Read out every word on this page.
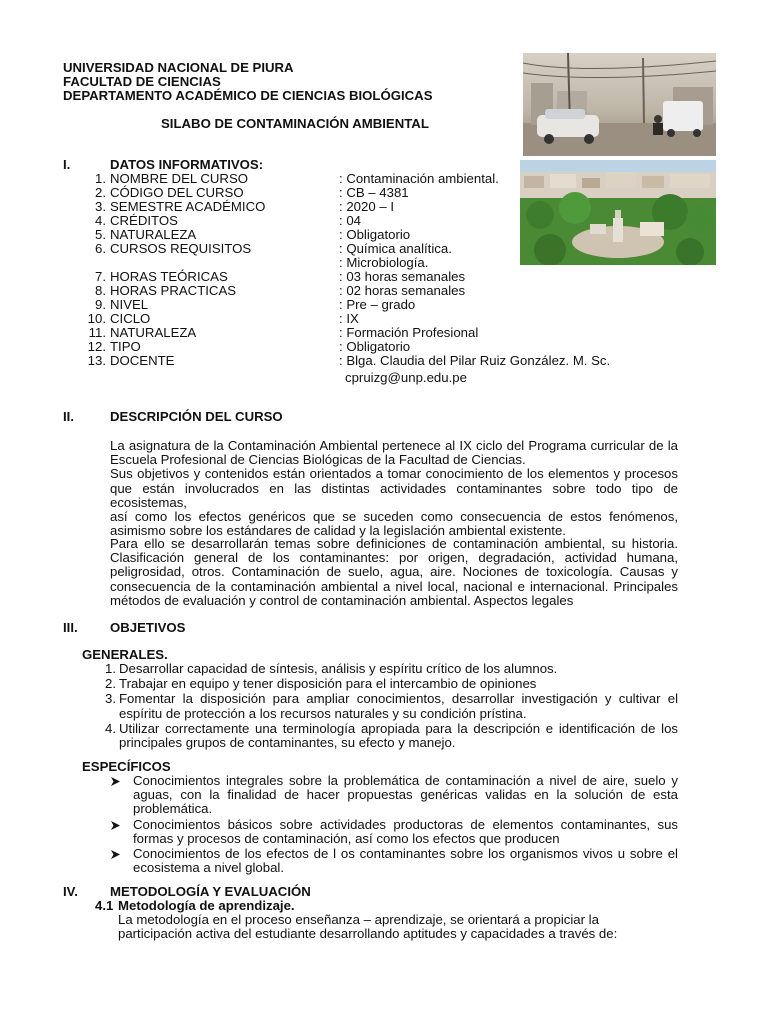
UNIVERSIDAD NACIONAL DE PIURA
FACULTAD DE CIENCIAS
DEPARTAMENTO ACADÉMICO DE CIENCIAS BIOLÓGICAS
SILABO DE CONTAMINACIÓN AMBIENTAL
I.	DATOS INFORMATIVOS:
1. NOMBRE DEL CURSO	: Contaminación ambiental.
2. CÓDIGO DEL CURSO	: CB – 4381
3. SEMESTRE ACADÉMICO	: 2020 – I
4. CRÉDITOS	: 04
5. NATURALEZA	: Obligatorio
6. CURSOS REQUISITOS	: Química analítica.
: Microbiología.
7. HORAS TEÓRICAS	: 03 horas semanales
8. HORAS PRACTICAS	: 02 horas semanales
9. NIVEL	: Pre – grado
10. CICLO	: IX
11. NATURALEZA	: Formación Profesional
12. TIPO	: Obligatorio
13. DOCENTE	: Blga. Claudia del Pilar Ruiz González. M. Sc.
cpruizg@unp.edu.pe
II.	DESCRIPCIÓN DEL CURSO
La asignatura de la Contaminación Ambiental pertenece al IX ciclo del Programa curricular de la
Escuela Profesional de Ciencias Biológicas de la Facultad de Ciencias.
Sus objetivos y contenidos están orientados a tomar conocimiento de los elementos y procesos
que están involucrados en las distintas actividades contaminantes sobre todo tipo de ecosistemas,
así como los efectos genéricos que se suceden como consecuencia de estos fenómenos,
asimismo sobre los estándares de calidad y la legislación ambiental existente.
Para ello se desarrollarán temas sobre definiciones de contaminación ambiental, su historia.
Clasificación general de los contaminantes: por origen, degradación, actividad humana,
peligrosidad, otros. Contaminación de suelo, agua, aire. Nociones de toxicología. Causas y
consecuencia de la contaminación ambiental a nivel local, nacional e internacional. Principales
métodos de evaluación y control de contaminación ambiental. Aspectos legales
III. OBJETIVOS
GENERALES.
1. Desarrollar capacidad de síntesis, análisis y espíritu crítico de los alumnos.
2. Trabajar en equipo y tener disposición para el intercambio de opiniones
3. Fomentar la disposición para ampliar conocimientos, desarrollar investigación y cultivar el espíritu de protección a los recursos naturales y su condición prístina.
4. Utilizar correctamente una terminología apropiada para la descripción e identificación de los principales grupos de contaminantes, su efecto y manejo.
ESPECÍFICOS
Conocimientos integrales sobre la problemática de contaminación a nivel de aire, suelo y aguas, con la finalidad de hacer propuestas genéricas validas en la solución de esta problemática.
Conocimientos básicos sobre actividades productoras de elementos contaminantes, sus formas y procesos de contaminación, así como los efectos que producen
Conocimientos de los efectos de l os contaminantes sobre los organismos vivos u sobre el ecosistema a nivel global.
IV. METODOLOGÍA Y EVALUACIÓN
4.1 Metodología de aprendizaje.
La metodología en el proceso enseñanza – aprendizaje, se orientará a propiciar la
participación activa del estudiante desarrollando aptitudes y capacidades a través de:
